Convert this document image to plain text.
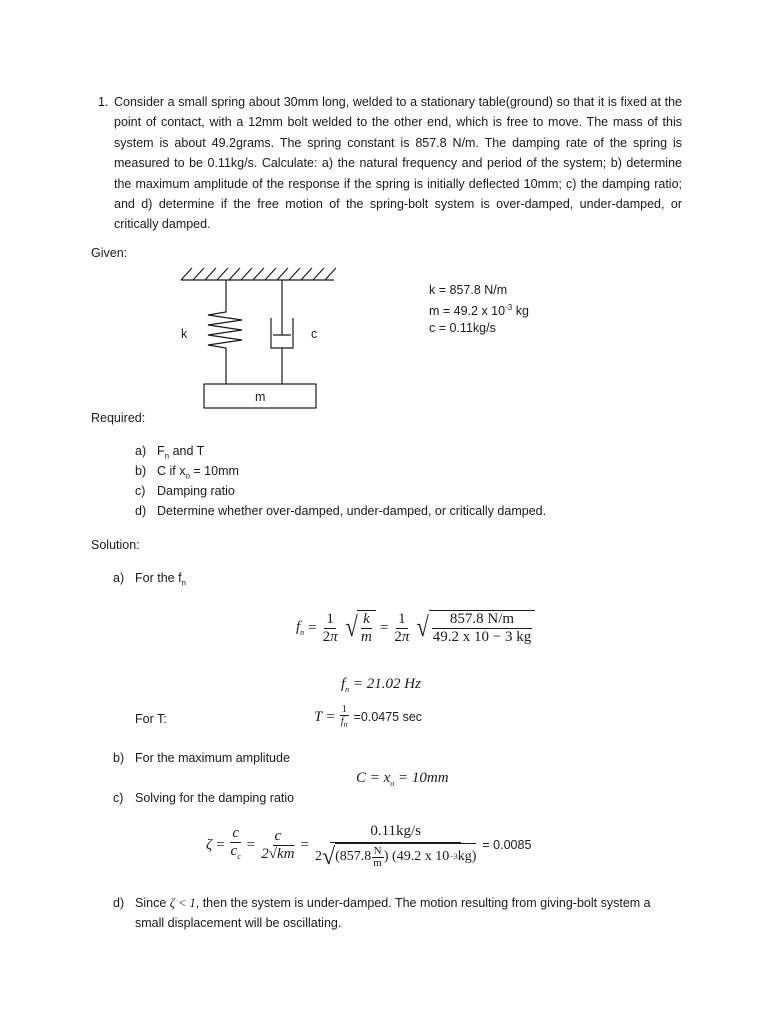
1. Consider a small spring about 30mm long, welded to a stationary table(ground) so that it is fixed at the point of contact, with a 12mm bolt welded to the other end, which is free to move. The mass of this system is about 49.2grams. The spring constant is 857.8 N/m. The damping rate of the spring is measured to be 0.11kg/s. Calculate: a) the natural frequency and period of the system; b) determine the maximum amplitude of the response if the spring is initially deflected 10mm; c) the damping ratio; and d) determine if the free motion of the spring-bolt system is over-damped, under-damped, or critically damped.
Given:
k	c
m
k = 857.8 N/m
m = 49.2 x $10^{-3}$ kg
c = 0.11kg/s
Required:
a) $F_n$ and T
b) C if $x_o = 10mm$
c) Damping ratio
d) Determine whether over-damped, under-damped, or critically damped.
Solution:
a) For the $f_n$
$f_n = \frac{1}{2\pi}$ √ $\frac{k}{m} = \frac{1}{2\pi}$ √ $\frac{857.8 N/m}{49.2 x 10 - 3 kg}$
$f_n = 21.02$ Hz
For T:	$T = \frac{1}{f_n} =0.0475$ sec
b) For the maximum amplitude
$C = x_o = 10mm$
c) Solving for the damping ratio
$\zeta = \frac{c}{c_c} = \frac{c}{2√km} = \frac{0.11kg/s}{2 √ ( 857.8 \frac{N}{m} ) (49.2 x 10 -3 kg)} = 0.0085$
d) Since ζ < 1, then the system is under-damped. The motion resulting from giving-bolt system a small displacement will be oscillating.
